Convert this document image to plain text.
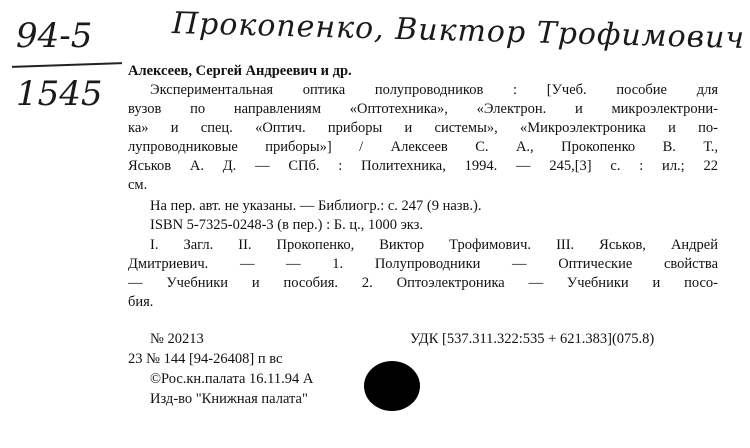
Прокопенко, Виктор Трофимович
94-5
1545
Алексеев, Сергей Андреевич и др.
Экспериментальная оптика полупроводников : [Учеб. пособие для
вузов по направлениям «Оптотехника», «Электрон. и микроэлектрони-
ка» и спец. «Оптич. приборы и системы», «Микроэлектроника и по-
лупроводниковые приборы»] / Алексеев С. А., Прокопенко В. Т.,
Яськов А. Д. — СПб. : Политехника, 1994. — 245,[3] с. : ил.; 22
см.
На пер. авт. не указаны. — Библиогр.: с. 247 (9 назв.).
ISBN 5-7325-0248-3 (в пер.) : Б. ц., 1000 экз.
I. Загл. II. Прокопенко, Виктор Трофимович. III. Яськов, Андрей
Дмитриевич. — — 1. Полупроводники — Оптические свойства
— Учебники и пособия. 2. Оптоэлектроника — Учебники и посо-
бия.
№ 20213	УДК [537.311.322:535 + 621.383](075.8)
23 № 144 [94-26408] п вс
©Рос.кн.палата 16.11.94 А
Изд-во "Книжная палата"
